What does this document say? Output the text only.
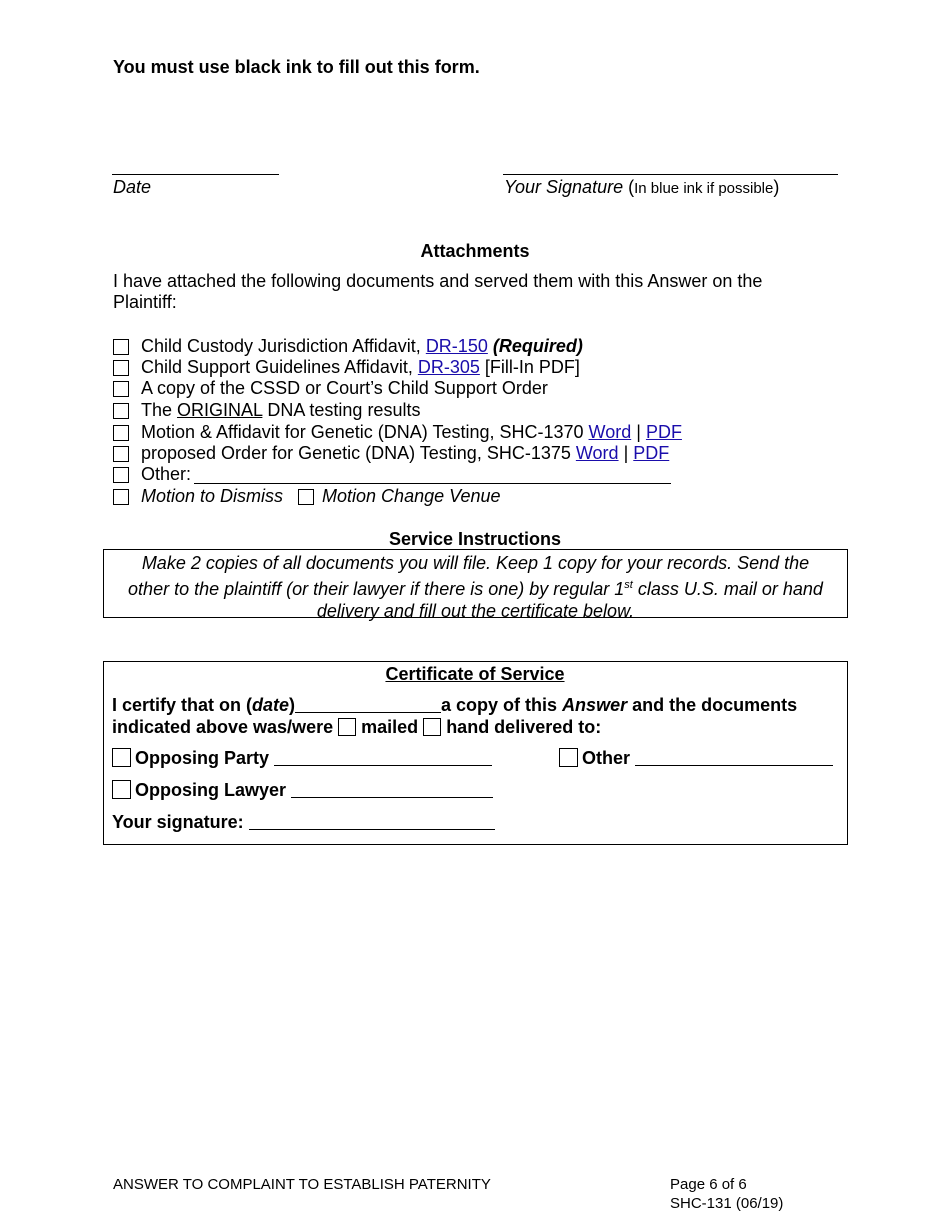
You must use black ink to fill out this form.
Date	Your Signature (In blue ink if possible)
Attachments
I have attached the following documents and served them with this Answer on the Plaintiff:
Child Custody Jurisdiction Affidavit, DR-150 (Required)
Child Support Guidelines Affidavit, DR-305 [Fill-In PDF]
A copy of the CSSD or Court’s Child Support Order
The ORIGINAL DNA testing results
Motion & Affidavit for Genetic (DNA) Testing, SHC-1370 Word | PDF
proposed Order for Genetic (DNA) Testing, SHC-1375 Word | PDF
Other:
Motion to Dismiss Motion Change Venue
Service Instructions
Make 2 copies of all documents you will file. Keep 1 copy for your records. Send the
other to the plaintiff (or their lawyer if there is one) by regular 1st class U.S. mail or hand
delivery and fill out the certificate below.
Certificate of Service
I certify that on (date)	a copy of this Answer and the documents
indicated above was/were mailed hand delivered to:
Opposing Party	Other
Opposing Lawyer
Your signature:
ANSWER TO COMPLAINT TO ESTABLISH PATERNITY	Page 6 of 6
SHC-131 (06/19)
